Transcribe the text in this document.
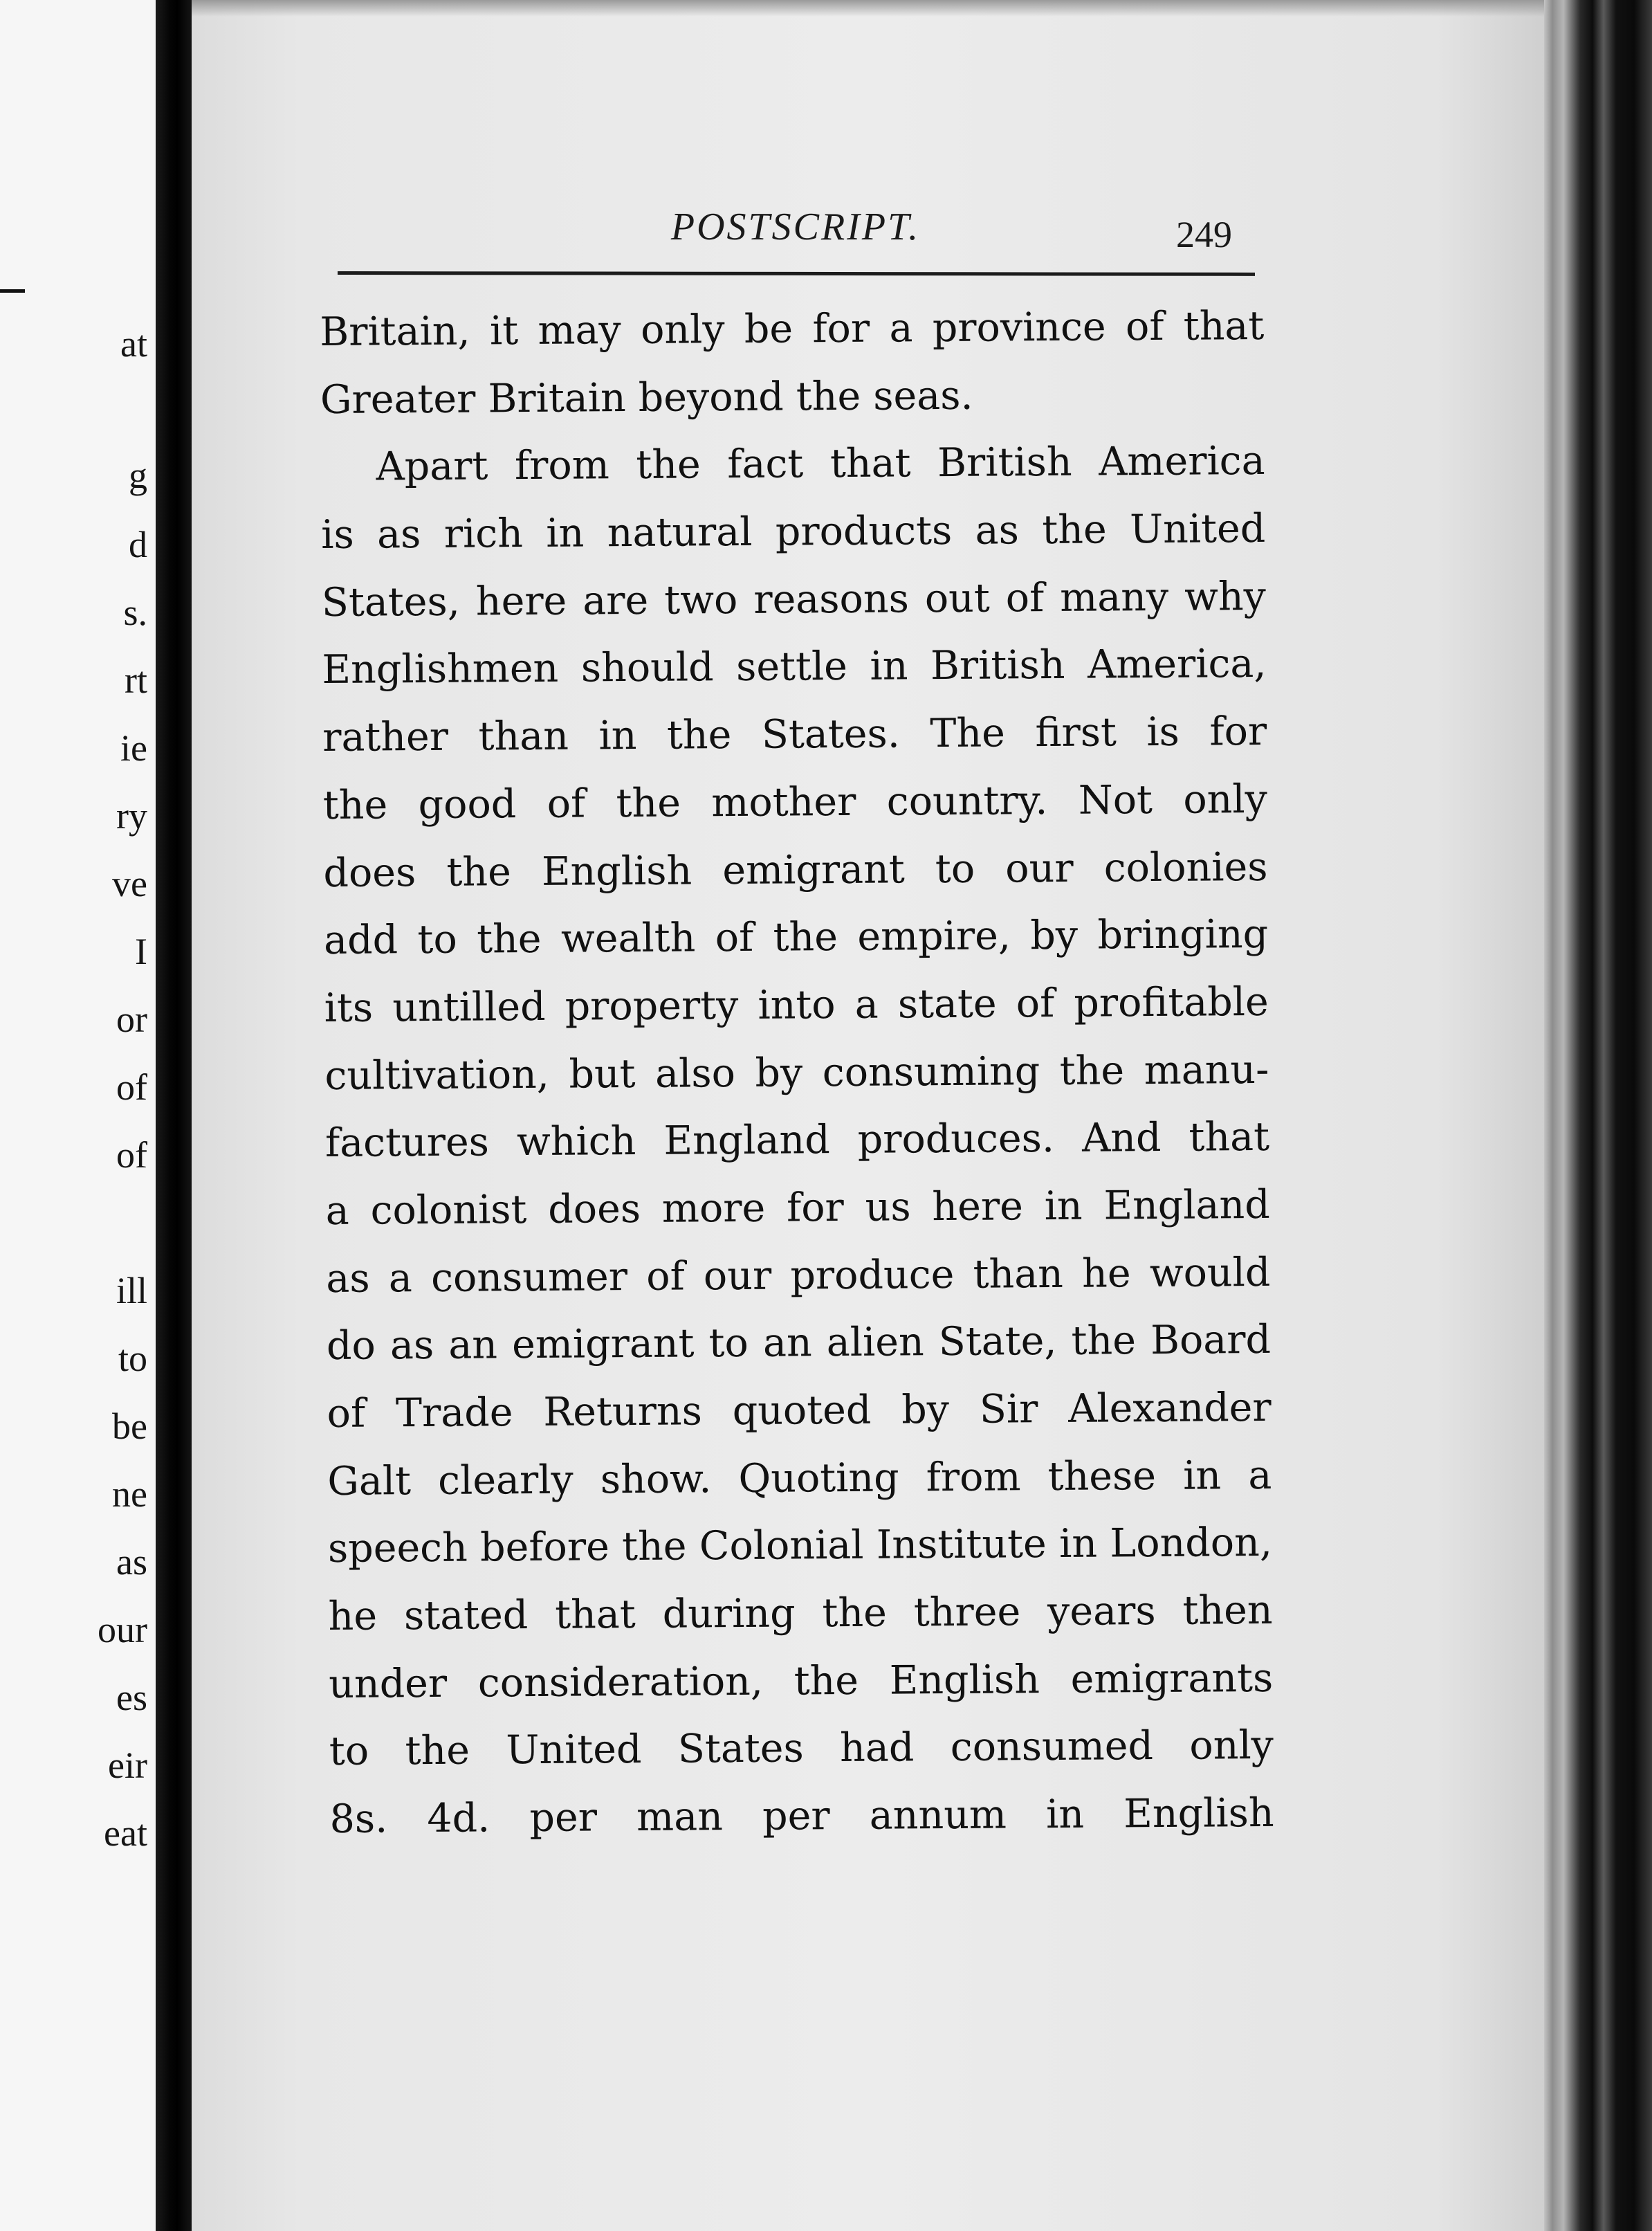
at

g

d

s.

rt

ie

ry

ve

I

or

of

of

ill

to

be

ne

as

our

es

eir

eat

POSTSCRIPT.	249

Britain, it may only be for a province of that

Greater Britain beyond the seas.

Apart from the fact that British America

is as rich in natural products as the United

States, here are two reasons out of many why

Englishmen should settle in British America,

rather than in the States. The first is for

the good of the mother country. Not only

does the English emigrant to our colonies

add to the wealth of the empire, by bringing

its untilled property into a state of profitable

cultivation, but also by consuming the manu-

factures which England produces. And that

a colonist does more for us here in England

as a consumer of our produce than he would

do as an emigrant to an alien State, the Board

of Trade Returns quoted by Sir Alexander

Galt clearly show. Quoting from these in a

speech before the Colonial Institute in London,

he stated that during the three years then

under consideration, the English emigrants

to the United States had consumed only

8s. 4d. per man per annum in English
